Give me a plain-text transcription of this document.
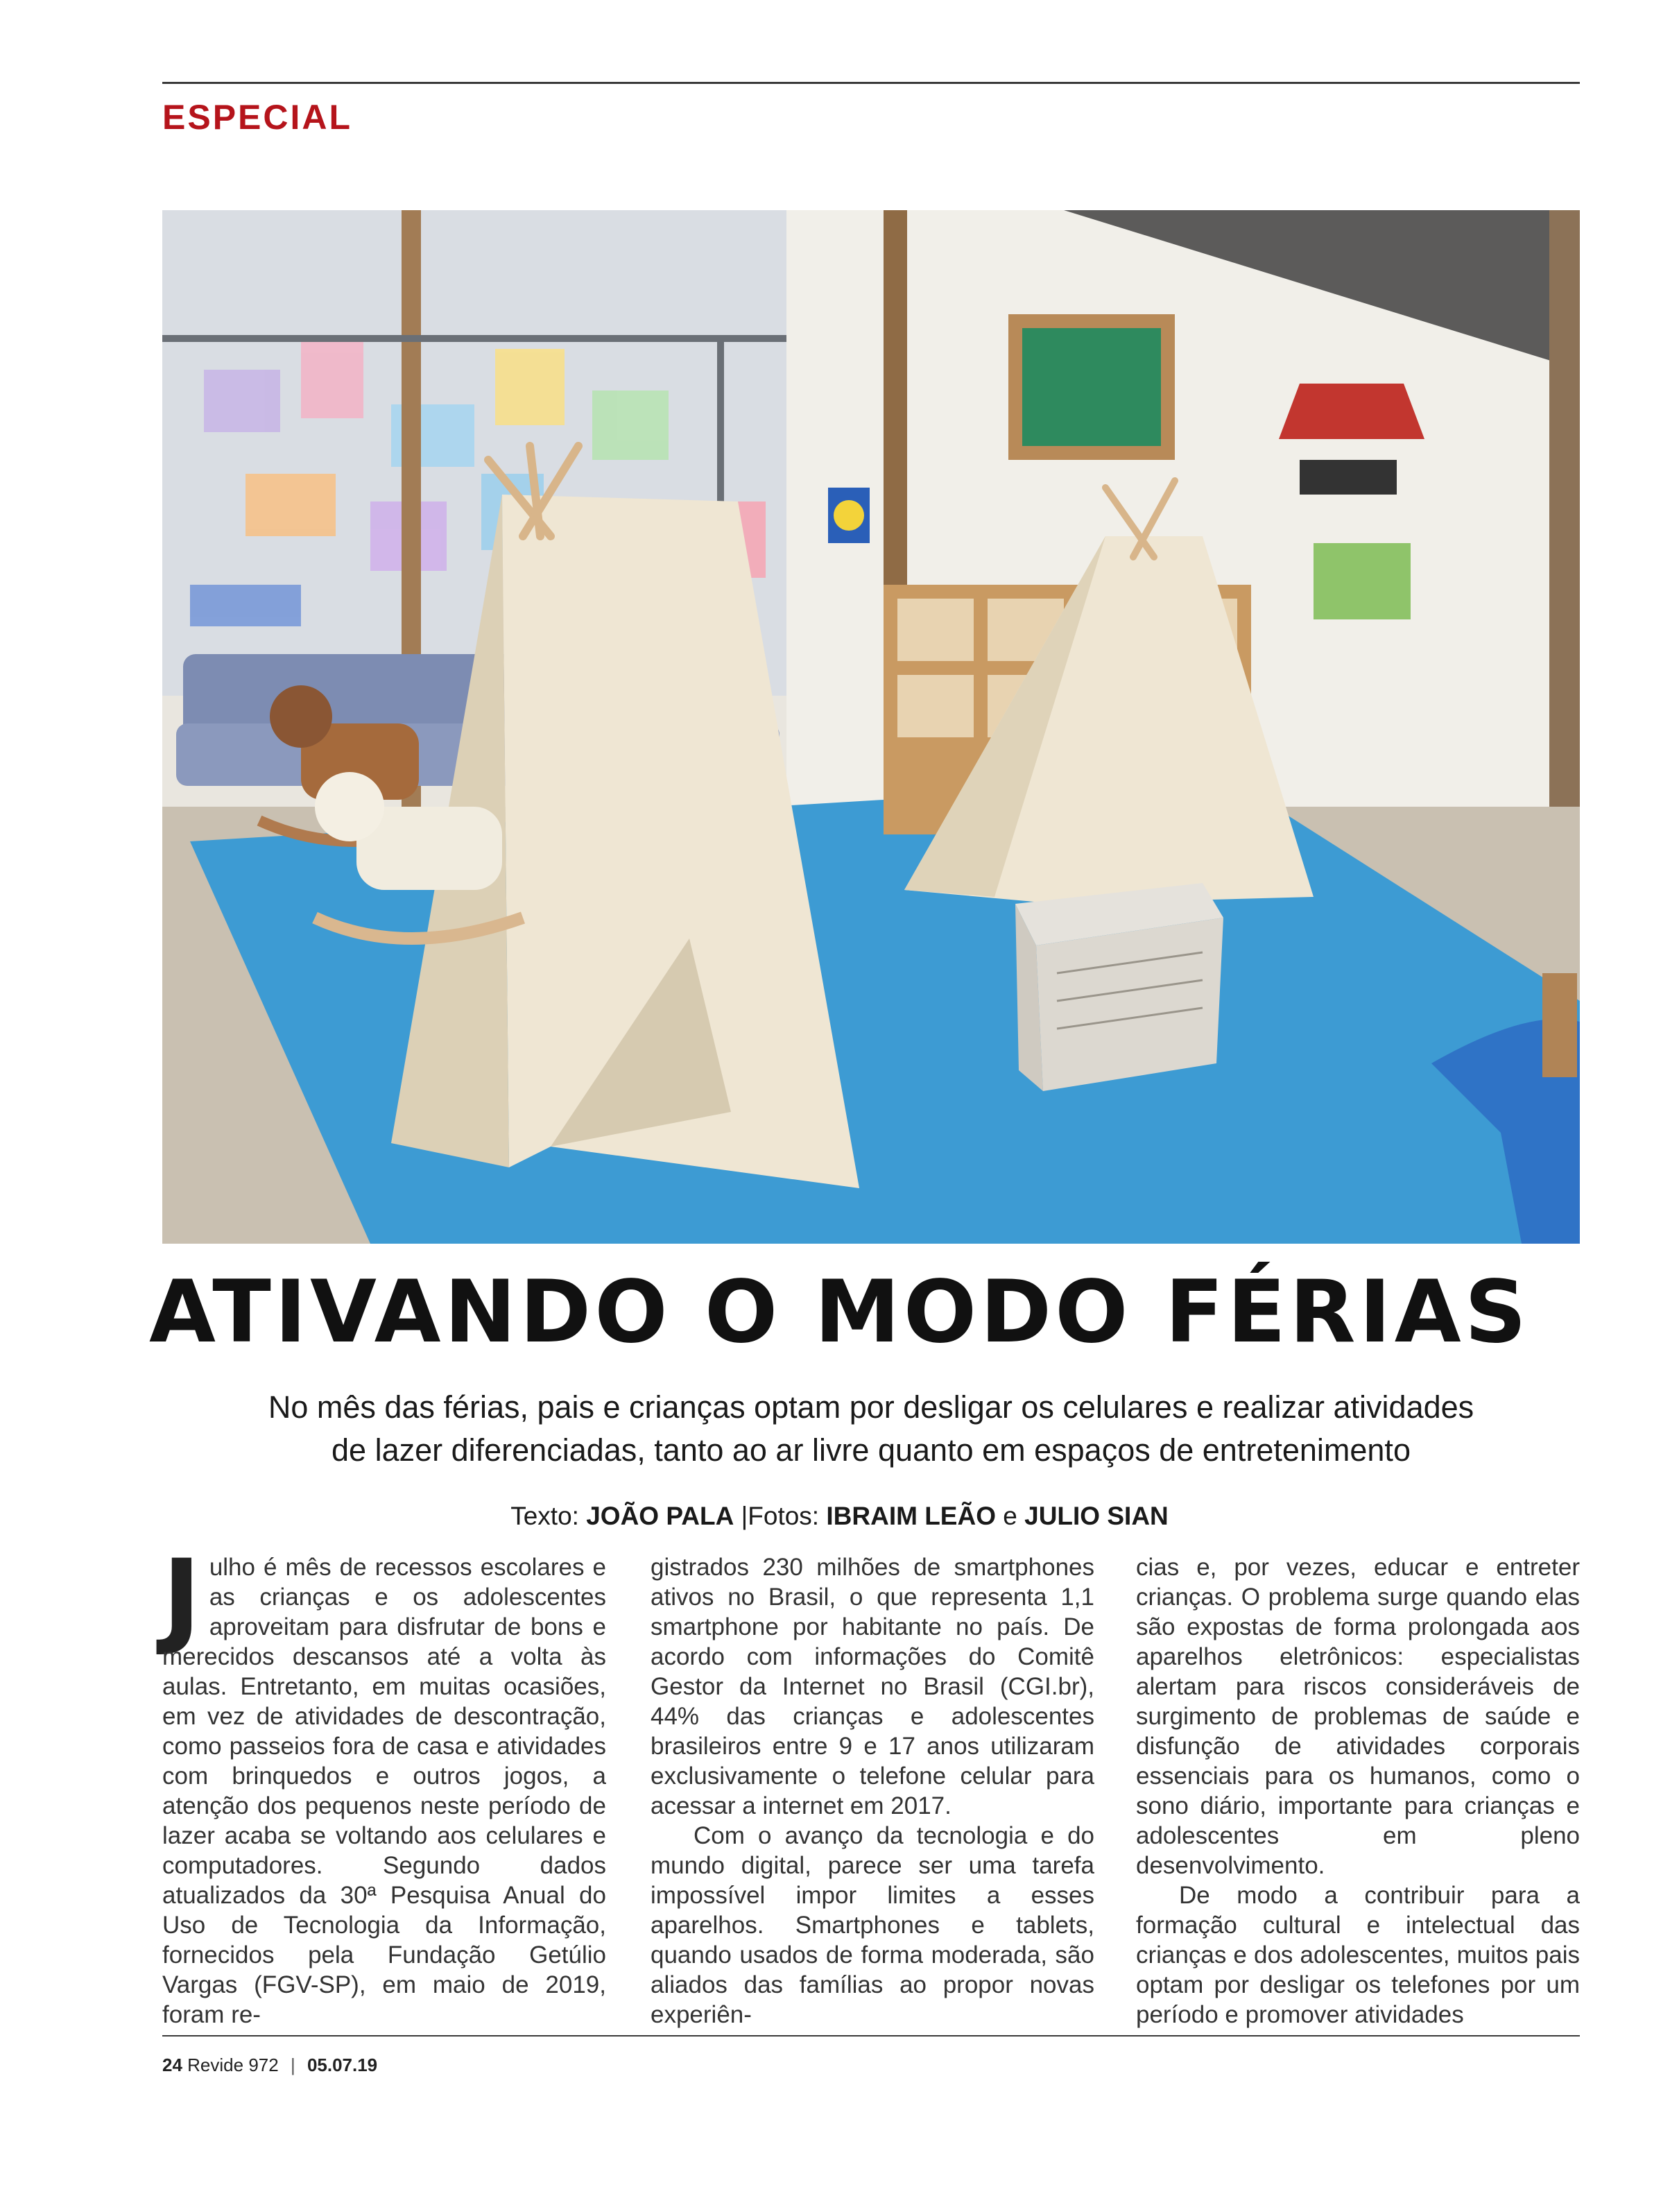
ESPECIAL
ATIVANDO O MODO FÉRIAS
No mês das férias, pais e crianças optam por desligar os celulares e realizar atividades
de lazer diferenciadas, tanto ao ar livre quanto em espaços de entretenimento
Texto: JOÃO PALA |Fotos: IBRAIM LEÃO e JULIO SIAN

Julho é mês de recessos escolares e as crianças e os adolescentes aproveitam para disfrutar de bons e merecidos descansos até a volta às aulas. Entretanto, em muitas ocasiões, em vez de atividades de descontração, como passeios fora de casa e atividades com brinquedos e outros jogos, a atenção dos pequenos neste período de lazer acaba se voltando aos celulares e computadores. Segundo dados atualizados da 30ª Pesquisa Anual do Uso de Tecnologia da Informação, fornecidos pela Fundação Getúlio Vargas (FGV-SP), em maio de 2019, foram re-

gistrados 230 milhões de smartphones ativos no Brasil, o que representa 1,1 smartphone por habitante no país. De acordo com informações do Comitê Gestor da Internet no Brasil (CGI.br), 44% das crianças e adolescentes brasileiros entre 9 e 17 anos utilizaram exclusivamente o telefone celular para acessar a internet em 2017.

Com o avanço da tecnologia e do mundo digital, parece ser uma tarefa impossível impor limites a esses aparelhos. Smartphones e tablets, quando usados de forma moderada, são aliados das famílias ao propor novas experiên-

cias e, por vezes, educar e entreter crianças. O problema surge quando elas são expostas de forma prolongada aos aparelhos eletrônicos: especialistas alertam para riscos consideráveis de surgimento de problemas de saúde e disfunção de atividades corporais essenciais para os humanos, como o sono diário, importante para crianças e adolescentes em pleno desenvolvimento.

De modo a contribuir para a formação cultural e intelectual das crianças e dos adolescentes, muitos pais optam por desligar os telefones por um período e promover atividades

24 Revide 972 | 05.07.19
